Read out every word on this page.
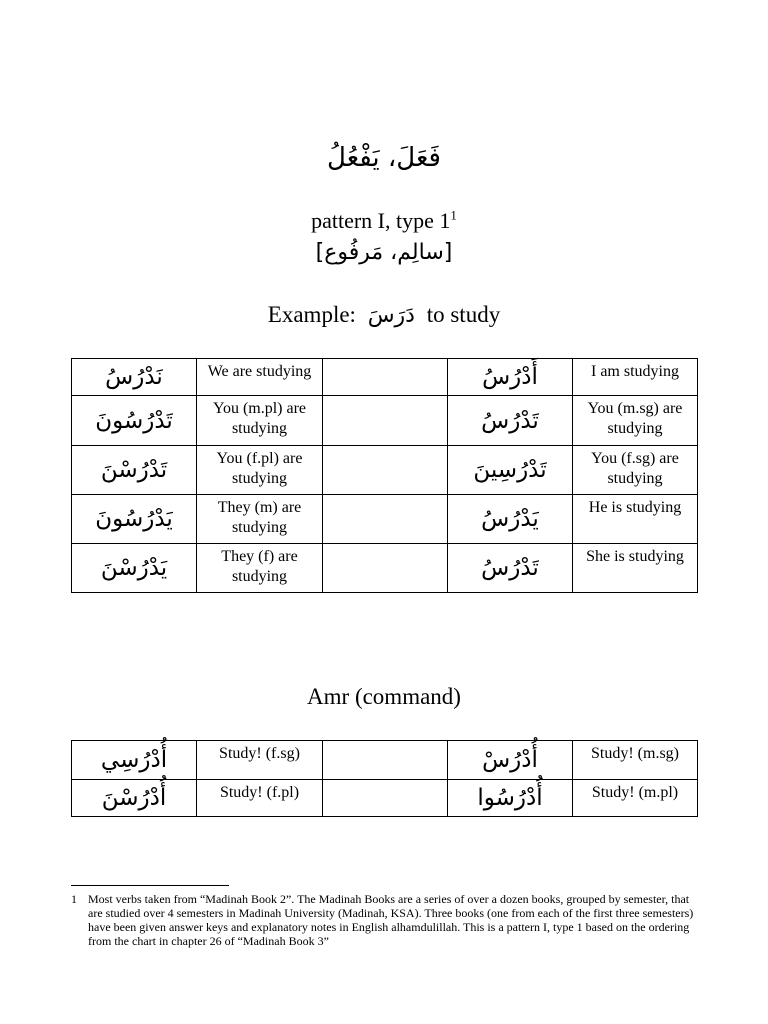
فَعَلَ، يَفْعُلُ
pattern I, type $1^1$
[سالِم، مَرفُوع]
Example: دَرَسَ to study
نَدْرُسُ	We are studying		أَدْرُسُ	I am studying
تَدْرُسُونَ	You (m.pl) are studying		تَدْرُسُ	You (m.sg) are studying
تَدْرُسْنَ	You (f.pl) are studying		تَدْرُسِينَ	You (f.sg) are studying
يَدْرُسُونَ	They (m) are studying		يَدْرُسُ	He is studying
يَدْرُسْنَ	They (f) are studying		تَدْرُسُ	She is studying
Amr (command)
أُدْرُسِي	Study! (f.sg)		أُدْرُسْ	Study! (m.sg)
أُدْرُسْنَ	Study! (f.pl)		أُدْرُسُوا	Study! (m.pl)
1 Most verbs taken from “Madinah Book 2”. The Madinah Books are a series of over a dozen books, grouped by semester, that are studied over 4 semesters in Madinah University (Madinah, KSA). Three books (one from each of the first three semesters) have been given answer keys and explanatory notes in English alhamdulillah. This is a pattern I, type 1 based on the ordering from the chart in chapter 26 of “Madinah Book 3”
